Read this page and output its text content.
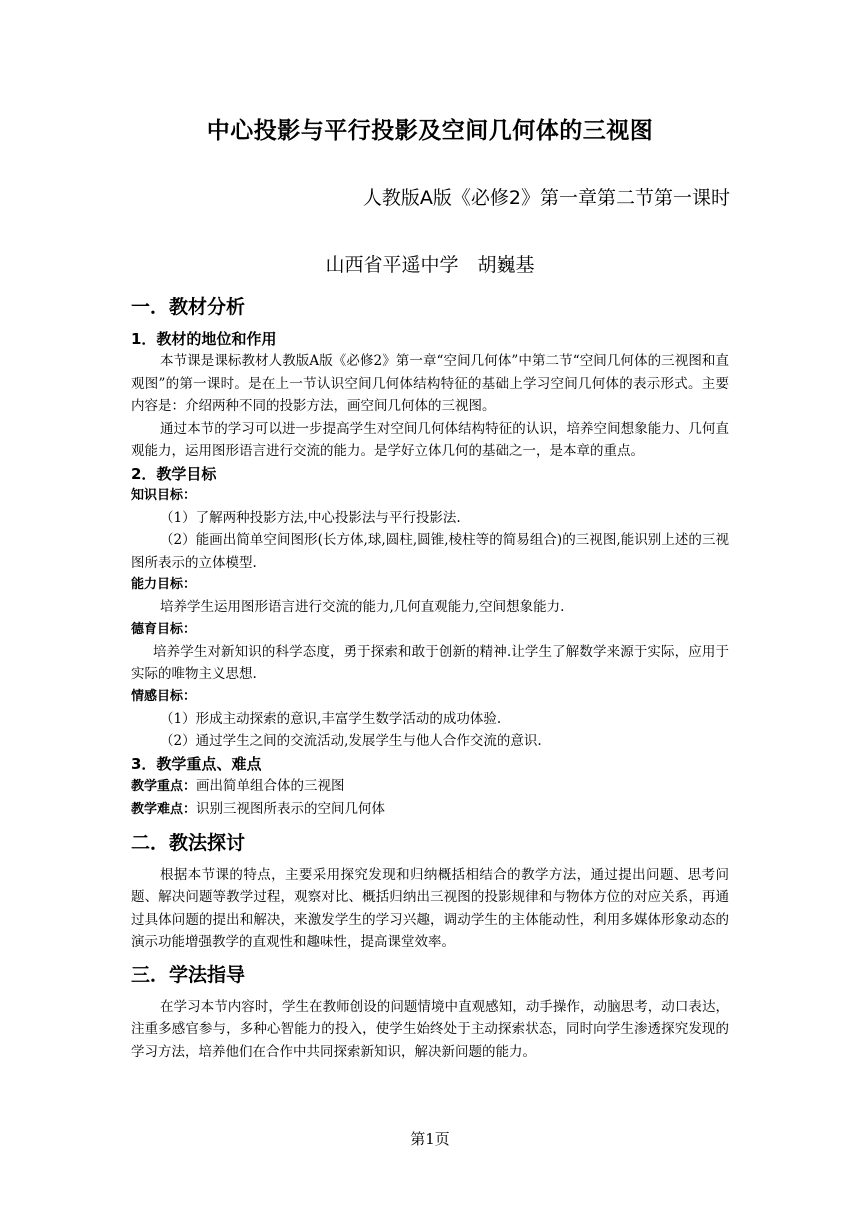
中心投影与平行投影及空间几何体的三视图
人教版A版《必修2》第一章第二节第一课时
山西省平遥中学　胡巍基
一．教材分析
1．教材的地位和作用

本节课是课标教材人教版A版《必修2》第一章“空间几何体”中第二节“空间几何体的三视图和直观图”的第一课时。是在上一节认识空间几何体结构特征的基础上学习空间几何体的表示形式。主要内容是：介绍两种不同的投影方法，画空间几何体的三视图。

通过本节的学习可以进一步提高学生对空间几何体结构特征的认识，培养空间想象能力、几何直观能力，运用图形语言进行交流的能力。是学好立体几何的基础之一，是本章的重点。

2．教学目标
知识目标：

（1）了解两种投影方法,中心投影法与平行投影法.

（2）能画出简单空间图形(长方体,球,圆柱,圆锥,棱柱等的简易组合)的三视图,能识别上述的三视图所表示的立体模型.

能力目标：

培养学生运用图形语言进行交流的能力,几何直观能力,空间想象能力.

德育目标：

培养学生对新知识的科学态度，勇于探索和敢于创新的精神.让学生了解数学来源于实际，应用于实际的唯物主义思想.

情感目标：

（1）形成主动探索的意识,丰富学生数学活动的成功体验.

（2）通过学生之间的交流活动,发展学生与他人合作交流的意识.

3．教学重点、难点
教学重点：画出简单组合体的三视图
教学难点：识别三视图所表示的空间几何体
二．教法探讨

根据本节课的特点，主要采用探究发现和归纳概括相结合的教学方法，通过提出问题、思考问题、解决问题等教学过程，观察对比、概括归纳出三视图的投影规律和与物体方位的对应关系，再通过具体问题的提出和解决，来激发学生的学习兴趣，调动学生的主体能动性，利用多媒体形象动态的演示功能增强教学的直观性和趣味性，提高课堂效率。

三．学法指导

在学习本节内容时，学生在教师创设的问题情境中直观感知，动手操作，动脑思考，动口表达，注重多感官参与，多种心智能力的投入，使学生始终处于主动探索状态，同时向学生渗透探究发现的学习方法，培养他们在合作中共同探索新知识，解决新问题的能力。

第1页
